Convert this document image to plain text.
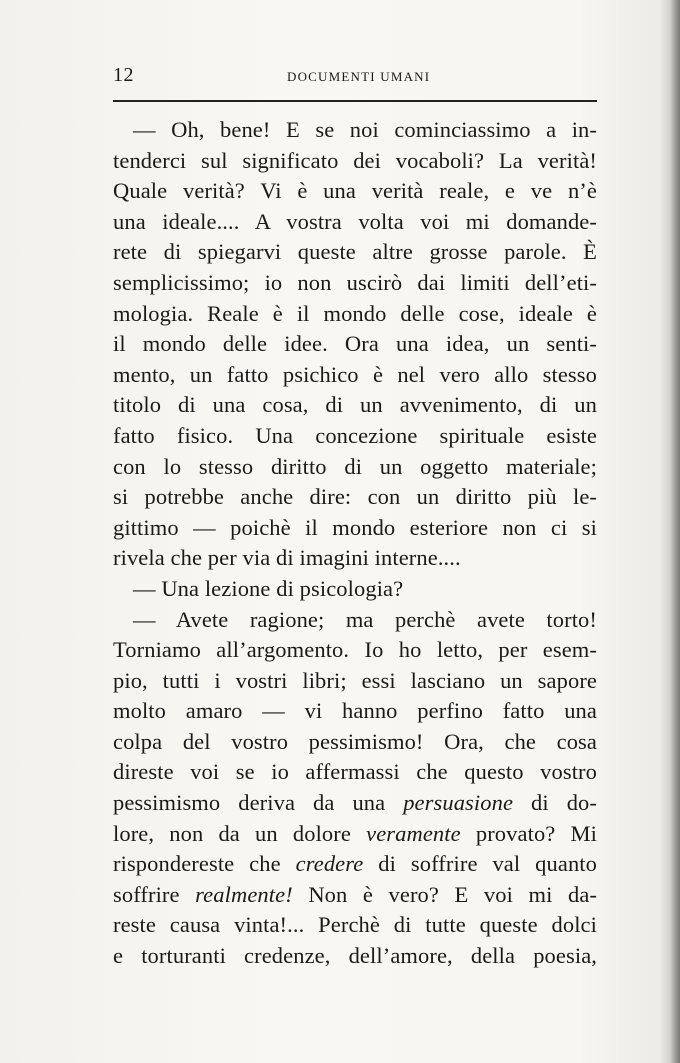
12	DOCUMENTI UMANI
— Oh, bene! E se noi cominciassimo a in-
tenderci sul significato dei vocaboli? La verità!
Quale verità? Vi è una verità reale, e ve n’è
una ideale.... A vostra volta voi mi domande-
rete di spiegarvi queste altre grosse parole. È
semplicissimo; io non uscirò dai limiti dell’eti-
mologia. Reale è il mondo delle cose, ideale è
il mondo delle idee. Ora una idea, un senti-
mento, un fatto psichico è nel vero allo stesso
titolo di una cosa, di un avvenimento, di un
fatto fisico. Una concezione spirituale esiste
con lo stesso diritto di un oggetto materiale;
si potrebbe anche dire: con un diritto più le-
gittimo — poichè il mondo esteriore non ci si
rivela che per via di imagini interne....
— Una lezione di psicologia?
— Avete ragione; ma perchè avete torto!
Torniamo all’argomento. Io ho letto, per esem-
pio, tutti i vostri libri; essi lasciano un sapore
molto amaro — vi hanno perfino fatto una
colpa del vostro pessimismo! Ora, che cosa
direste voi se io affermassi che questo vostro
pessimismo deriva da una persuasione di do-
lore, non da un dolore veramente provato? Mi
rispondereste che credere di soffrire val quanto
soffrire realmente! Non è vero? E voi mi da-
reste causa vinta!... Perchè di tutte queste dolci
e torturanti credenze, dell’amore, della poesia,
